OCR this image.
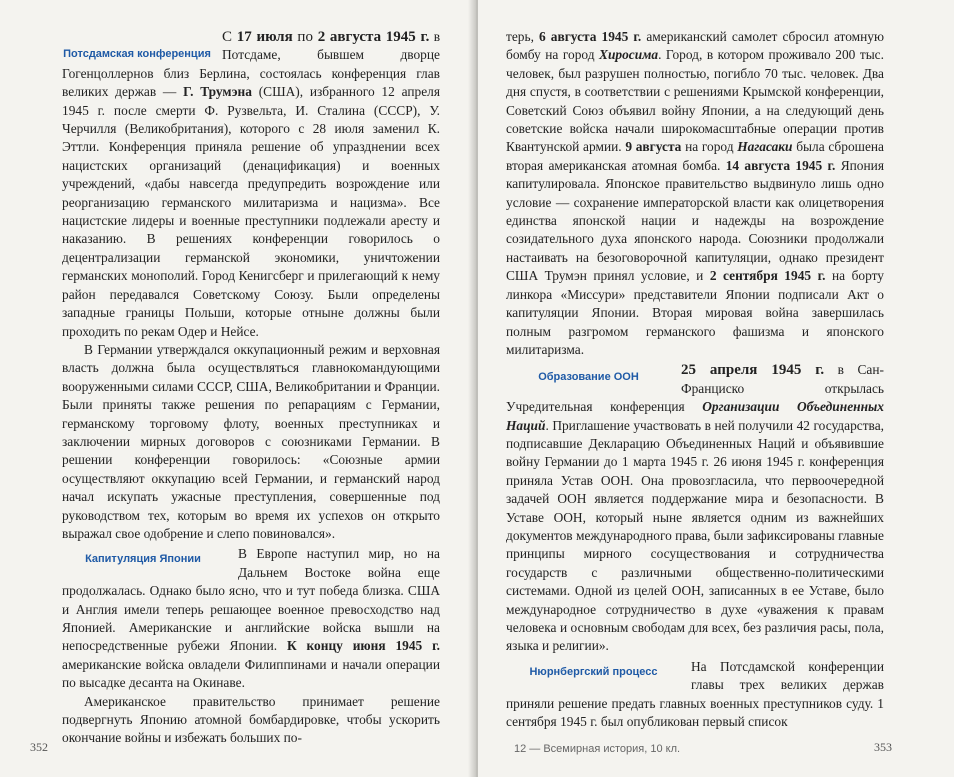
Потсдамская конференция
С 17 июля по 2 августа 1945 г. в Потсдаме, бывшем дворце Гогенцоллернов близ Берлина, состоялась конференция глав великих держав — Г. Трумэна (США), избранного 12 апреля 1945 г. после смерти Ф. Рузвельта, И. Сталина (СССР), У. Черчилля (Великобритания), которого с 28 июля заменил К. Эттли. Конференция приняла решение об упразднении всех нацистских организаций (денацификация) и военных учреждений, «дабы навсегда предупредить возрождение или реорганизацию германского милитаризма и нацизма». Все нацистские лидеры и военные преступники подлежали аресту и наказанию. В решениях конференции говорилось о децентрализации германской экономики, уничтожении германских монополий. Город Кенигсберг и прилегающий к нему район передавался Советскому Союзу. Были определены западные границы Польши, которые отныне должны были проходить по рекам Одер и Нейсе.

В Германии утверждался оккупационный режим и верховная власть должна была осуществляться главнокомандующими вооруженными силами СССР, США, Великобритании и Франции. Были приняты также решения по репарациям с Германии, германскому торговому флоту, военных преступниках и заключении мирных договоров с союзниками Германии. В решении конференции говорилось: «Союзные армии осуществляют оккупацию всей Германии, и германский народ начал искупать ужасные преступления, совершенные под руководством тех, которым во время их успехов он открыто выражал свое одобрение и слепо повиновался».

Капитуляция Японии	В Европе наступил мир, но на Дальнем Востоке война еще продолжалась. Однако было ясно, что и тут победа близка. США и Англия имели теперь решающее военное превосходство над Японией. Американские и английские войска вышли на непосредственные рубежи Японии. К концу июня 1945 г. американские войска овладели Филиппинами и начали операции по высадке десанта на Окинаве.

Американское правительство принимает решение подвергнуть Японию атомной бомбардировке, чтобы ускорить окончание войны и избежать больших по-

352

терь, 6 августа 1945 г. американский самолет сбросил атомную бомбу на город Хиросима. Город, в котором проживало 200 тыс. человек, был разрушен полностью, погибло 70 тыс. человек. Два дня спустя, в соответствии с решениями Крымской конференции, Советский Союз объявил войну Японии, а на следующий день советские войска начали широкомасштабные операции против Квантунской армии. 9 августа на город Нагасаки была сброшена вторая американская атомная бомба. 14 августа 1945 г. Япония капитулировала. Японское правительство выдвинуло лишь одно условие — сохранение императорской власти как олицетворения единства японской нации и надежды на возрождение созидательного духа японского народа. Союзники продолжали настаивать на безоговорочной капитуляции, однако президент США Трумэн принял условие, и 2 сентября 1945 г. на борту линкора «Миссури» представители Японии подписали Акт о капитуляции Японии. Вторая мировая война завершилась полным разгромом германского фашизма и японского милитаризма.

Образование ООН	25 апреля 1945 г. в Сан-Франциско открылась Учредительная конференция Организации Объединенных Наций. Приглашение участвовать в ней получили 42 государства, подписавшие Декларацию Объединенных Наций и объявившие войну Германии до 1 марта 1945 г. 26 июня 1945 г. конференция приняла Устав ООН. Она провозгласила, что первоочередной задачей ООН является поддержание мира и безопасности. В Уставе ООН, который ныне является одним из важнейших документов международного права, были зафиксированы главные принципы мирного сосуществования и сотрудничества государств с различными общественно-политическими системами. Одной из целей ООН, записанных в ее Уставе, было международное сотрудничество в духе «уважения к правам человека и основным свободам для всех, без различия расы, пола, языка и религии».

Нюрнбергский процесс	На Потсдамской конференции главы трех великих держав приняли решение предать главных военных преступников суду. 1 сентября 1945 г. был опубликован первый список

12 — Всемирная история, 10 кл.	353
